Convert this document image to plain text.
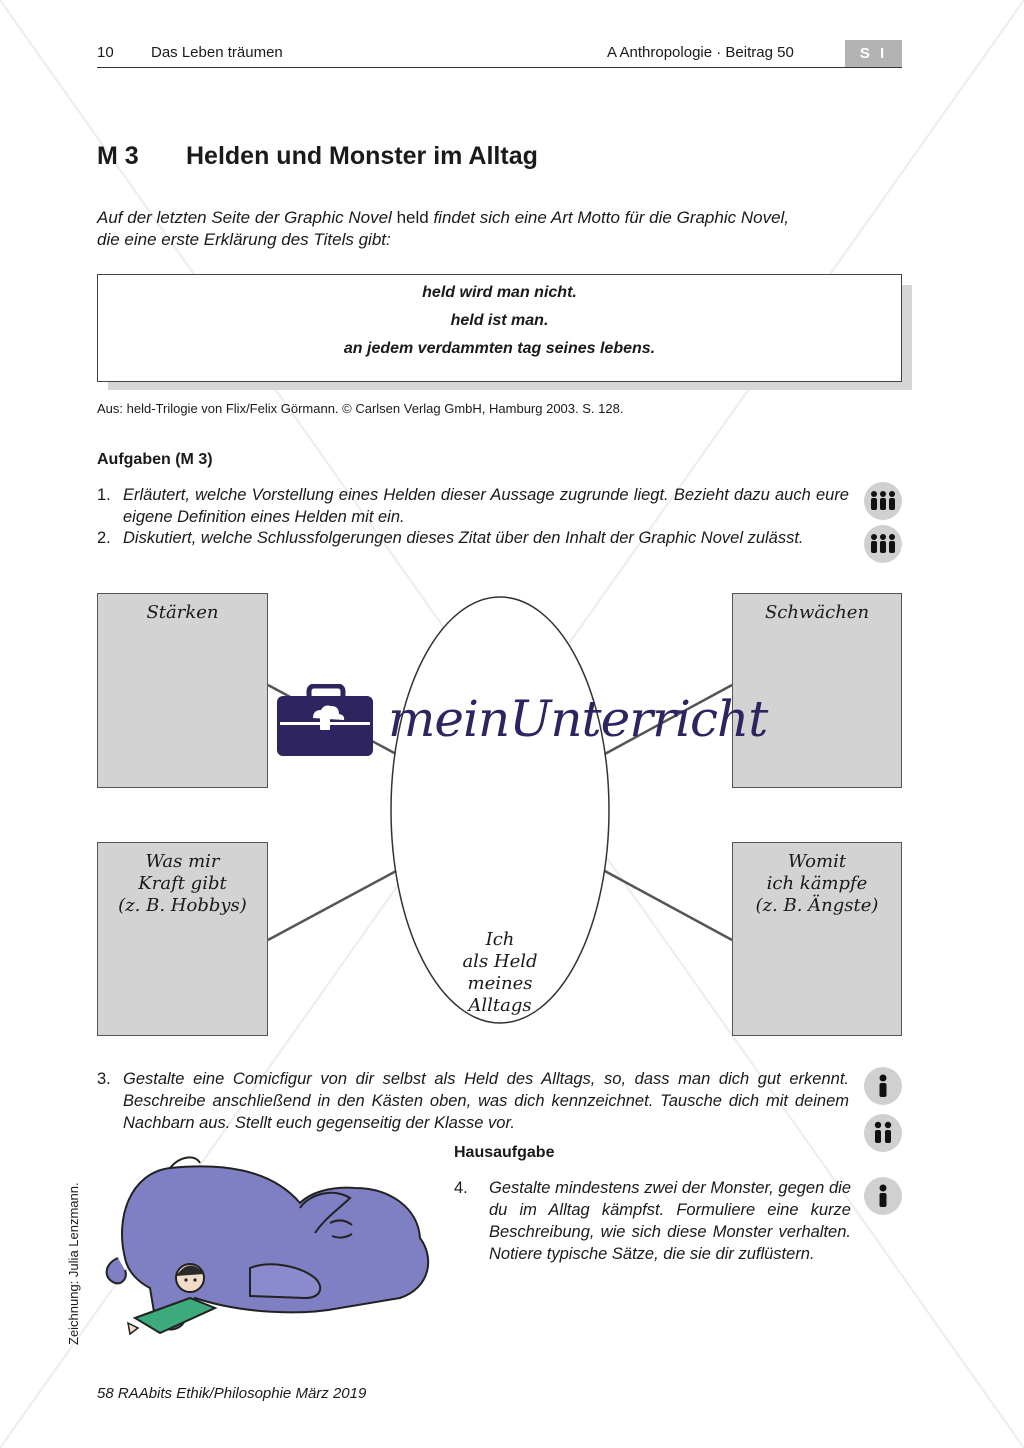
10 Das Leben träumen	A Anthropologie · Beitrag 50	S I
M 3 Helden und Monster im Alltag
Auf der letzten Seite der Graphic Novel held findet sich eine Art Motto für die Graphic Novel,
die eine erste Erklärung des Titels gibt:
held wird man nicht.
held ist man.
an jedem verdammten tag seines lebens.
Aus: held-Trilogie von Flix/Felix Görmann. © Carlsen Verlag GmbH, Hamburg 2003. S. 128.
Aufgaben (M 3)
1. Erläutert, welche Vorstellung eines Helden dieser Aussage zugrunde liegt. Bezieht dazu auch eure eigene Definition eines Helden mit ein.
2. Diskutiert, welche Schlussfolgerungen dieses Zitat über den Inhalt der Graphic Novel zulässt.
Stärken	Schwächen
Was mir
Kraft gibt
(z. B. Hobbys)
Womit
ich kämpfe
(z. B. Ängste)
Ich
als Held
meines
Alltags
meinUnterricht
3. Gestalte eine Comicfigur von dir selbst als Held des Alltags, so, dass man dich gut erkennt. Beschreibe anschließend in den Kästen oben, was dich kennzeichnet. Tausche dich mit deinem Nachbarn aus. Stellt euch gegenseitig der Klasse vor.
Hausaufgabe
4. Gestalte mindestens zwei der Monster, gegen die du im Alltag kämpfst. Formuliere eine kurze Beschreibung, wie sich diese Monster verhalten. Notiere typische Sätze, die sie dir zuflüstern.
Zeichnung: Julia Lenzmann.
58 RAAbits Ethik/Philosophie März 2019
